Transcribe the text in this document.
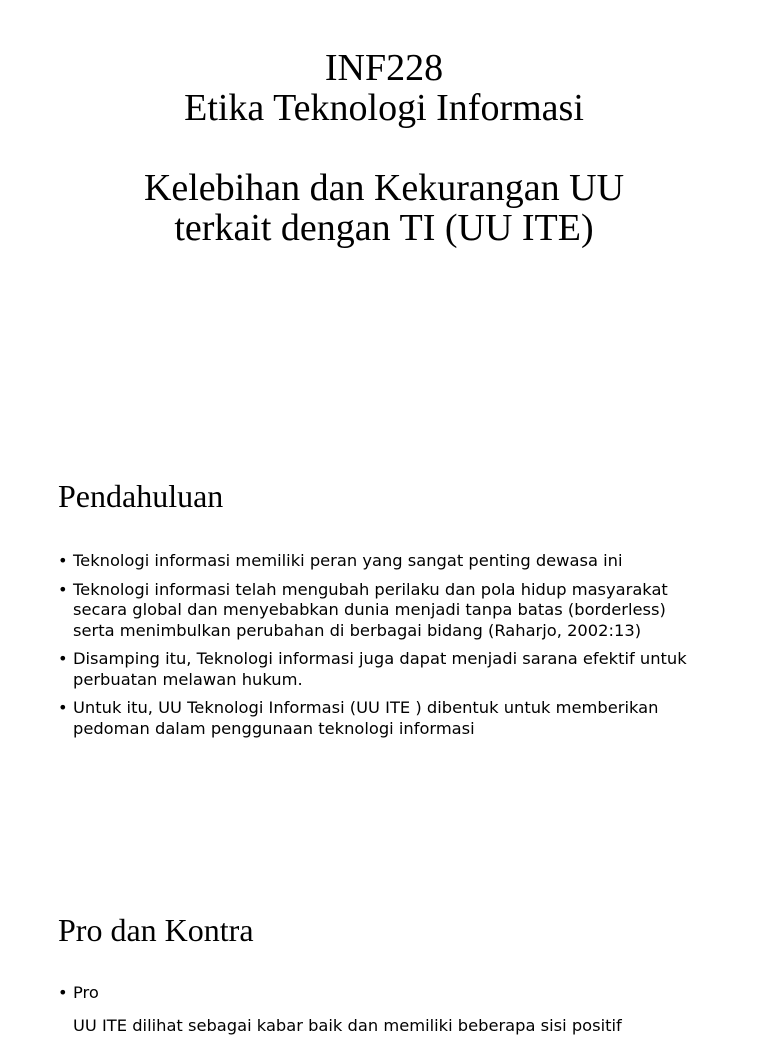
INF228
Etika Teknologi Informasi
Kelebihan dan Kekurangan UU
terkait dengan TI (UU ITE)
Pendahuluan
• Teknologi informasi memiliki peran yang sangat penting dewasa ini
• Teknologi informasi telah mengubah perilaku dan pola hidup masyarakat secara global dan menyebabkan dunia menjadi tanpa batas (borderless) serta menimbulkan perubahan di berbagai bidang (Raharjo, 2002:13)
• Disamping itu, Teknologi informasi juga dapat menjadi sarana efektif untuk perbuatan melawan hukum.
• Untuk itu, UU Teknologi Informasi (UU ITE ) dibentuk untuk memberikan pedoman dalam penggunaan teknologi informasi
Pro dan Kontra
• Pro
UU ITE dilihat sebagai kabar baik dan memiliki beberapa sisi positif
